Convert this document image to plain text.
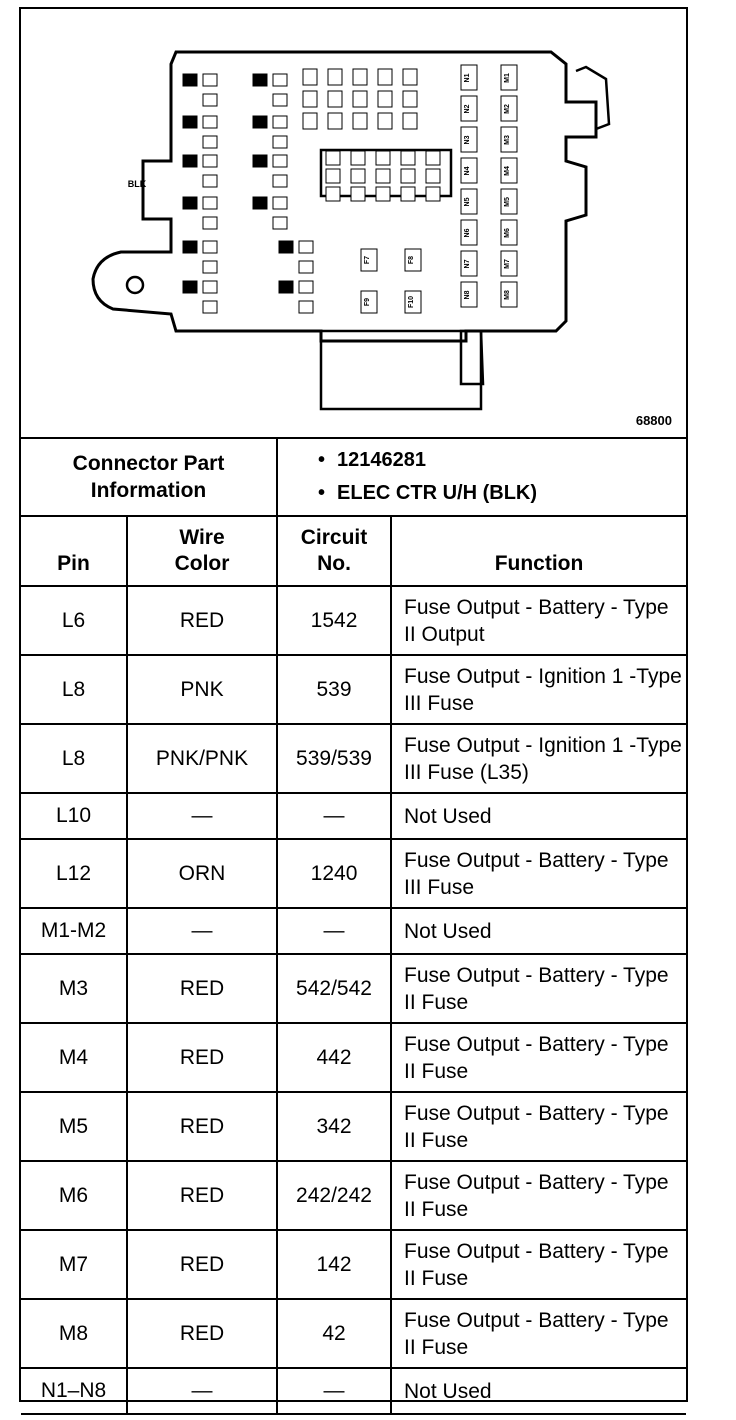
N1	M1
N2	M2
N3	M3
N4	M4
N5	M5
N6	M6
N7	M7
N8	M8
F7	F8
F9	F10
BLK
68800
Connector Part Information		• 12146281
• ELEC CTR U/H (BLK)

Pin	Wire Color	Circuit No.	Function
L6	RED	1542	Fuse Output - Battery - Type II Output
L8	PNK	539	Fuse Output - Ignition 1 -Type III Fuse
L8	PNK/PNK	539/539	Fuse Output - Ignition 1 -Type III Fuse (L35)
L10	—	—	Not Used
L12	ORN	1240	Fuse Output - Battery - Type III Fuse
M1-M2	—	—	Not Used
M3	RED	542/542	Fuse Output - Battery - Type II Fuse
M4	RED	442	Fuse Output - Battery - Type II Fuse
M5	RED	342	Fuse Output - Battery - Type II Fuse
M6	RED	242/242	Fuse Output - Battery - Type II Fuse
M7	RED	142	Fuse Output - Battery - Type II Fuse
M8	RED	42	Fuse Output - Battery - Type II Fuse
N1–N8	—	—	Not Used
